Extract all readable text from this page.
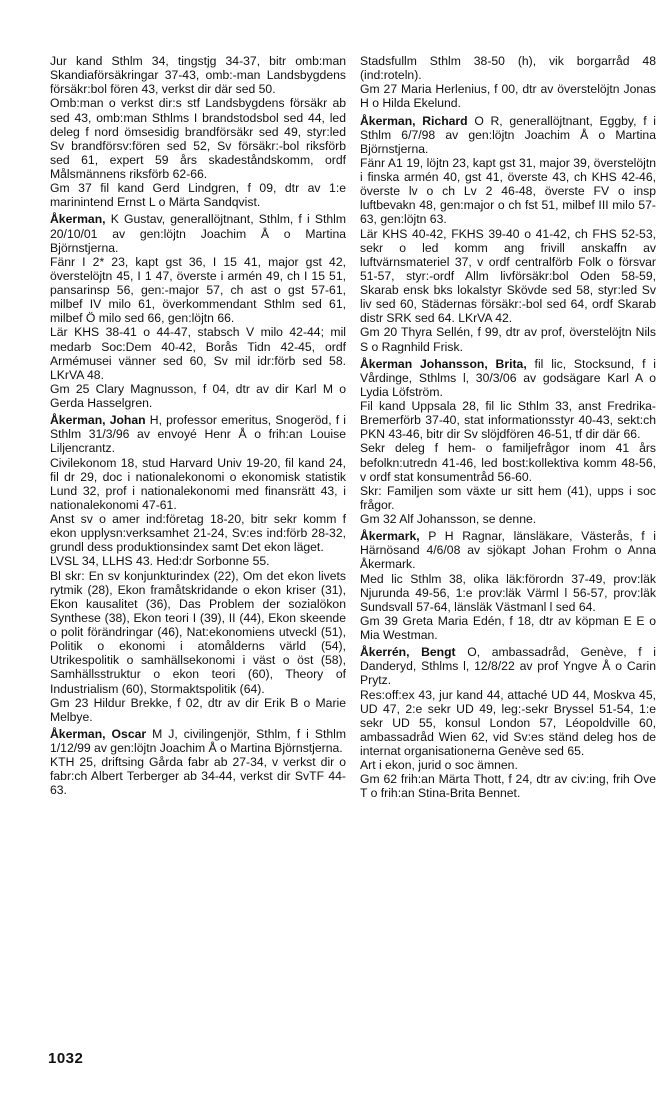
Jur kand Sthlm 34, tingstjg 34-37, bitr omb:man Skandiaförsäkringar 37-43, omb:-man Landsbygdens försäkr:bol fören 43, verkst dir där sed 50.

Omb:man o verkst dir:s stf Landsbygdens försäkr ab sed 43, omb:man Sthlms I brandstodsbol sed 44, led deleg f nord ömsesidig brandförsäkr sed 49, styr:led Sv brandförsv:fören sed 52, Sv försäkr:-bol riksförb sed 61, expert 59 års skadeståndskomm, ordf Målsmännens riksförb 62-66.

Gm 37 fil kand Gerd Lindgren, f 09, dtr av 1:e marinintend Ernst L o Märta Sandqvist.

Åkerman, K Gustav, generallöjtnant, Sthlm, f i Sthlm 20/10/01 av gen:löjtn Joachim Å o Martina Björnstjerna.

Fänr I 2* 23, kapt gst 36, I 15 41, major gst 42, överstelöjtn 45, I 1 47, överste i armén 49, ch I 15 51, pansarinsp 56, gen:-major 57, ch ast o gst 57-61, milbef IV milo 61, överkommendant Sthlm sed 61, milbef Ö milo sed 66, gen:löjtn 66.

Lär KHS 38-41 o 44-47, stabsch V milo 42-44; mil medarb Soc:Dem 40-42, Borås Tidn 42-45, ordf Armémusei vänner sed 60, Sv mil idr:förb sed 58. LKrVA 48.

Gm 25 Clary Magnusson, f 04, dtr av dir Karl M o Gerda Hasselgren.

Åkerman, Johan H, professor emeritus, Snogeröd, f i Sthlm 31/3/96 av envoyé Henr Å o frih:an Louise Liljencrantz.

Civilekonom 18, stud Harvard Univ 19-20, fil kand 24, fil dr 29, doc i nationalekonomi o ekonomisk statistik Lund 32, prof i nationalekonomi med finansrätt 43, i nationalekonomi 47-61.

Anst sv o amer ind:företag 18-20, bitr sekr komm f ekon upplysn:verksamhet 21-24, Sv:es ind:förb 28-32, grundl dess produktionsindex samt Det ekon läget.

LVSL 34, LLHS 43. Hed:dr Sorbonne 55.

Bl skr: En sv konjunkturindex (22), Om det ekon livets rytmik (28), Ekon framåtskridande o ekon kriser (31), Ekon kausalitet (36), Das Problem der sozialökon Synthese (38), Ekon teori I (39), II (44), Ekon skeende o polit förändringar (46), Nat:ekonomiens utveckl (51), Politik o ekonomi i atomålderns värld (54), Utrikespolitik o samhällsekonomi i väst o öst (58), Samhällsstruktur o ekon teori (60), Theory of Industrialism (60), Stormaktspolitik (64).

Gm 23 Hildur Brekke, f 02, dtr av dir Erik B o Marie Melbye.

Åkerman, Oscar M J, civilingenjör, Sthlm, f i Sthlm 1/12/99 av gen:löjtn Joachim Å o Martina Björnstjerna.

KTH 25, driftsing Gårda fabr ab 27-34, v verkst dir o fabr:ch Albert Terberger ab 34-44, verkst dir SvTF 44-63.

Stadsfullm Sthlm 38-50 (h), vik borgarråd 48 (ind:roteln).

Gm 27 Maria Herlenius, f 00, dtr av överstelöjtn Jonas H o Hilda Ekelund.

Åkerman, Richard O R, generallöjtnant, Eggby, f i Sthlm 6/7/98 av gen:löjtn Joachim Å o Martina Björnstjerna.

Fänr A1 19, löjtn 23, kapt gst 31, major 39, överstelöjtn i finska armén 40, gst 41, överste 43, ch KHS 42-46, överste lv o ch Lv 2 46-48, överste FV o insp luftbevakn 48, gen:major o ch fst 51, milbef III milo 57-63, gen:löjtn 63.

Lär KHS 40-42, FKHS 39-40 o 41-42, ch FHS 52-53, sekr o led komm ang frivill anskaffn av luftvärnsmateriel 37, v ordf centralförb Folk o försvar 51-57, styr:-ordf Allm livförsäkr:bol Oden 58-59, Skarab ensk bks lokalstyr Skövde sed 58, styr:led Sv liv sed 60, Städernas försäkr:-bol sed 64, ordf Skarab distr SRK sed 64. LKrVA 42.

Gm 20 Thyra Sellén, f 99, dtr av prof, överstelöjtn Nils S o Ragnhild Frisk.

Åkerman Johansson, Brita, fil lic, Stocksund, f i Vårdinge, Sthlms l, 30/3/06 av godsägare Karl A o Lydia Löfström.

Fil kand Uppsala 28, fil lic Sthlm 33, anst Fredrika-Bremerförb 37-40, stat informationsstyr 40-43, sekt:ch PKN 43-46, bitr dir Sv slöjdfören 46-51, tf dir där 66.

Sekr deleg f hem- o familjefrågor inom 41 års befolkn:utredn 41-46, led bost:kollektiva komm 48-56, v ordf stat konsumentråd 56-60.

Skr: Familjen som växte ur sitt hem (41), upps i soc frågor.

Gm 32 Alf Johansson, se denne.

Åkermark, P H Ragnar, länsläkare, Västerås, f i Härnösand 4/6/08 av sjökapt Johan Frohm o Anna Åkermark.

Med lic Sthlm 38, olika läk:förordn 37-49, prov:läk Njurunda 49-56, 1:e prov:läk Värml l 56-57, prov:läk Sundsvall 57-64, länsläk Västmanl l sed 64.

Gm 39 Greta Maria Edén, f 18, dtr av köpman E E o Mia Westman.

Åkerrén, Bengt O, ambassadråd, Genève, f i Danderyd, Sthlms l, 12/8/22 av prof Yngve Å o Carin Prytz.

Res:off:ex 43, jur kand 44, attaché UD 44, Moskva 45, UD 47, 2:e sekr UD 49, leg:-sekr Bryssel 51-54, 1:e sekr UD 55, konsul London 57, Léopoldville 60, ambassadråd Wien 62, vid Sv:es ständ deleg hos de internat organisationerna Genève sed 65.

Art i ekon, jurid o soc ämnen.

Gm 62 frih:an Märta Thott, f 24, dtr av civ:ing, frih Ove T o frih:an Stina-Brita Bennet.

1032
